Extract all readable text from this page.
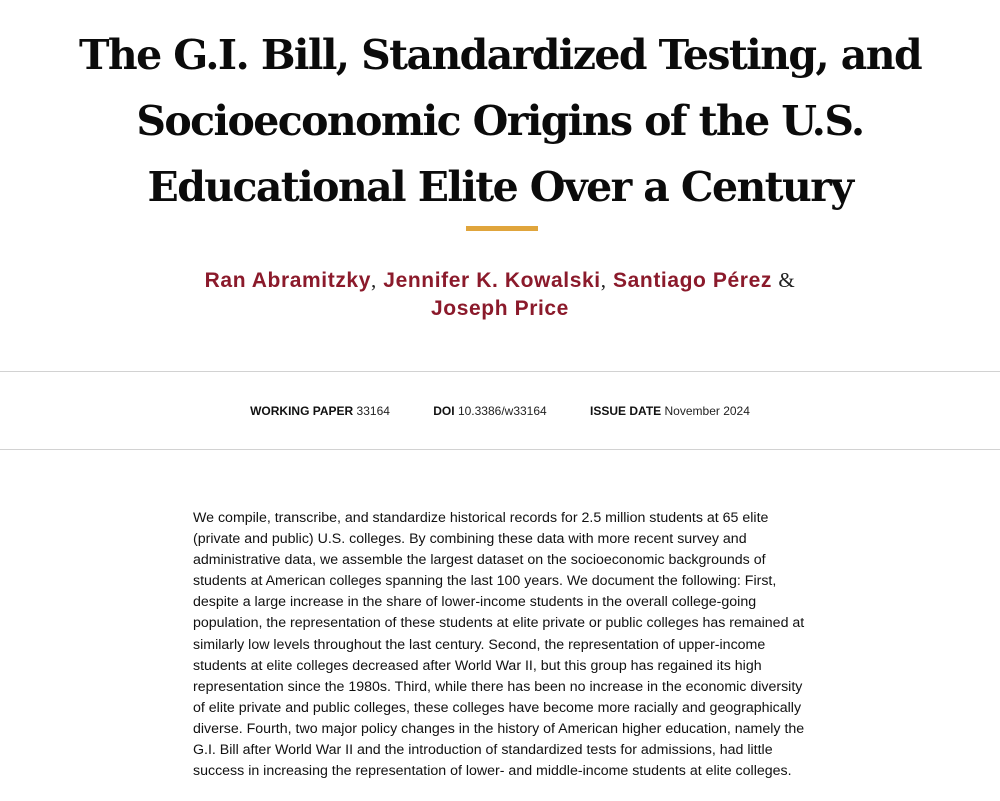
The G.I. Bill, Standardized Testing, and Socioeconomic Origins of the U.S. Educational Elite Over a Century
Ran Abramitzky, Jennifer K. Kowalski, Santiago Pérez &
Joseph Price
WORKING PAPER 33164	DOI 10.3386/w33164	ISSUE DATE November 2024

We compile, transcribe, and standardize historical records for 2.5 million students at 65 elite (private and public) U.S. colleges. By combining these data with more recent survey and administrative data, we assemble the largest dataset on the socioeconomic backgrounds of students at American colleges spanning the last 100 years. We document the following: First, despite a large increase in the share of lower-income students in the overall college-going population, the representation of these students at elite private or public colleges has remained at similarly low levels throughout the last century. Second, the representation of upper-income students at elite colleges decreased after World War II, but this group has regained its high representation since the 1980s. Third, while there has been no increase in the economic diversity of elite private and public colleges, these colleges have become more racially and geographically diverse. Fourth, two major policy changes in the history of American higher education, namely the G.I. Bill after World War II and the introduction of standardized tests for admissions, had little success in increasing the representation of lower- and middle-income students at elite colleges.
